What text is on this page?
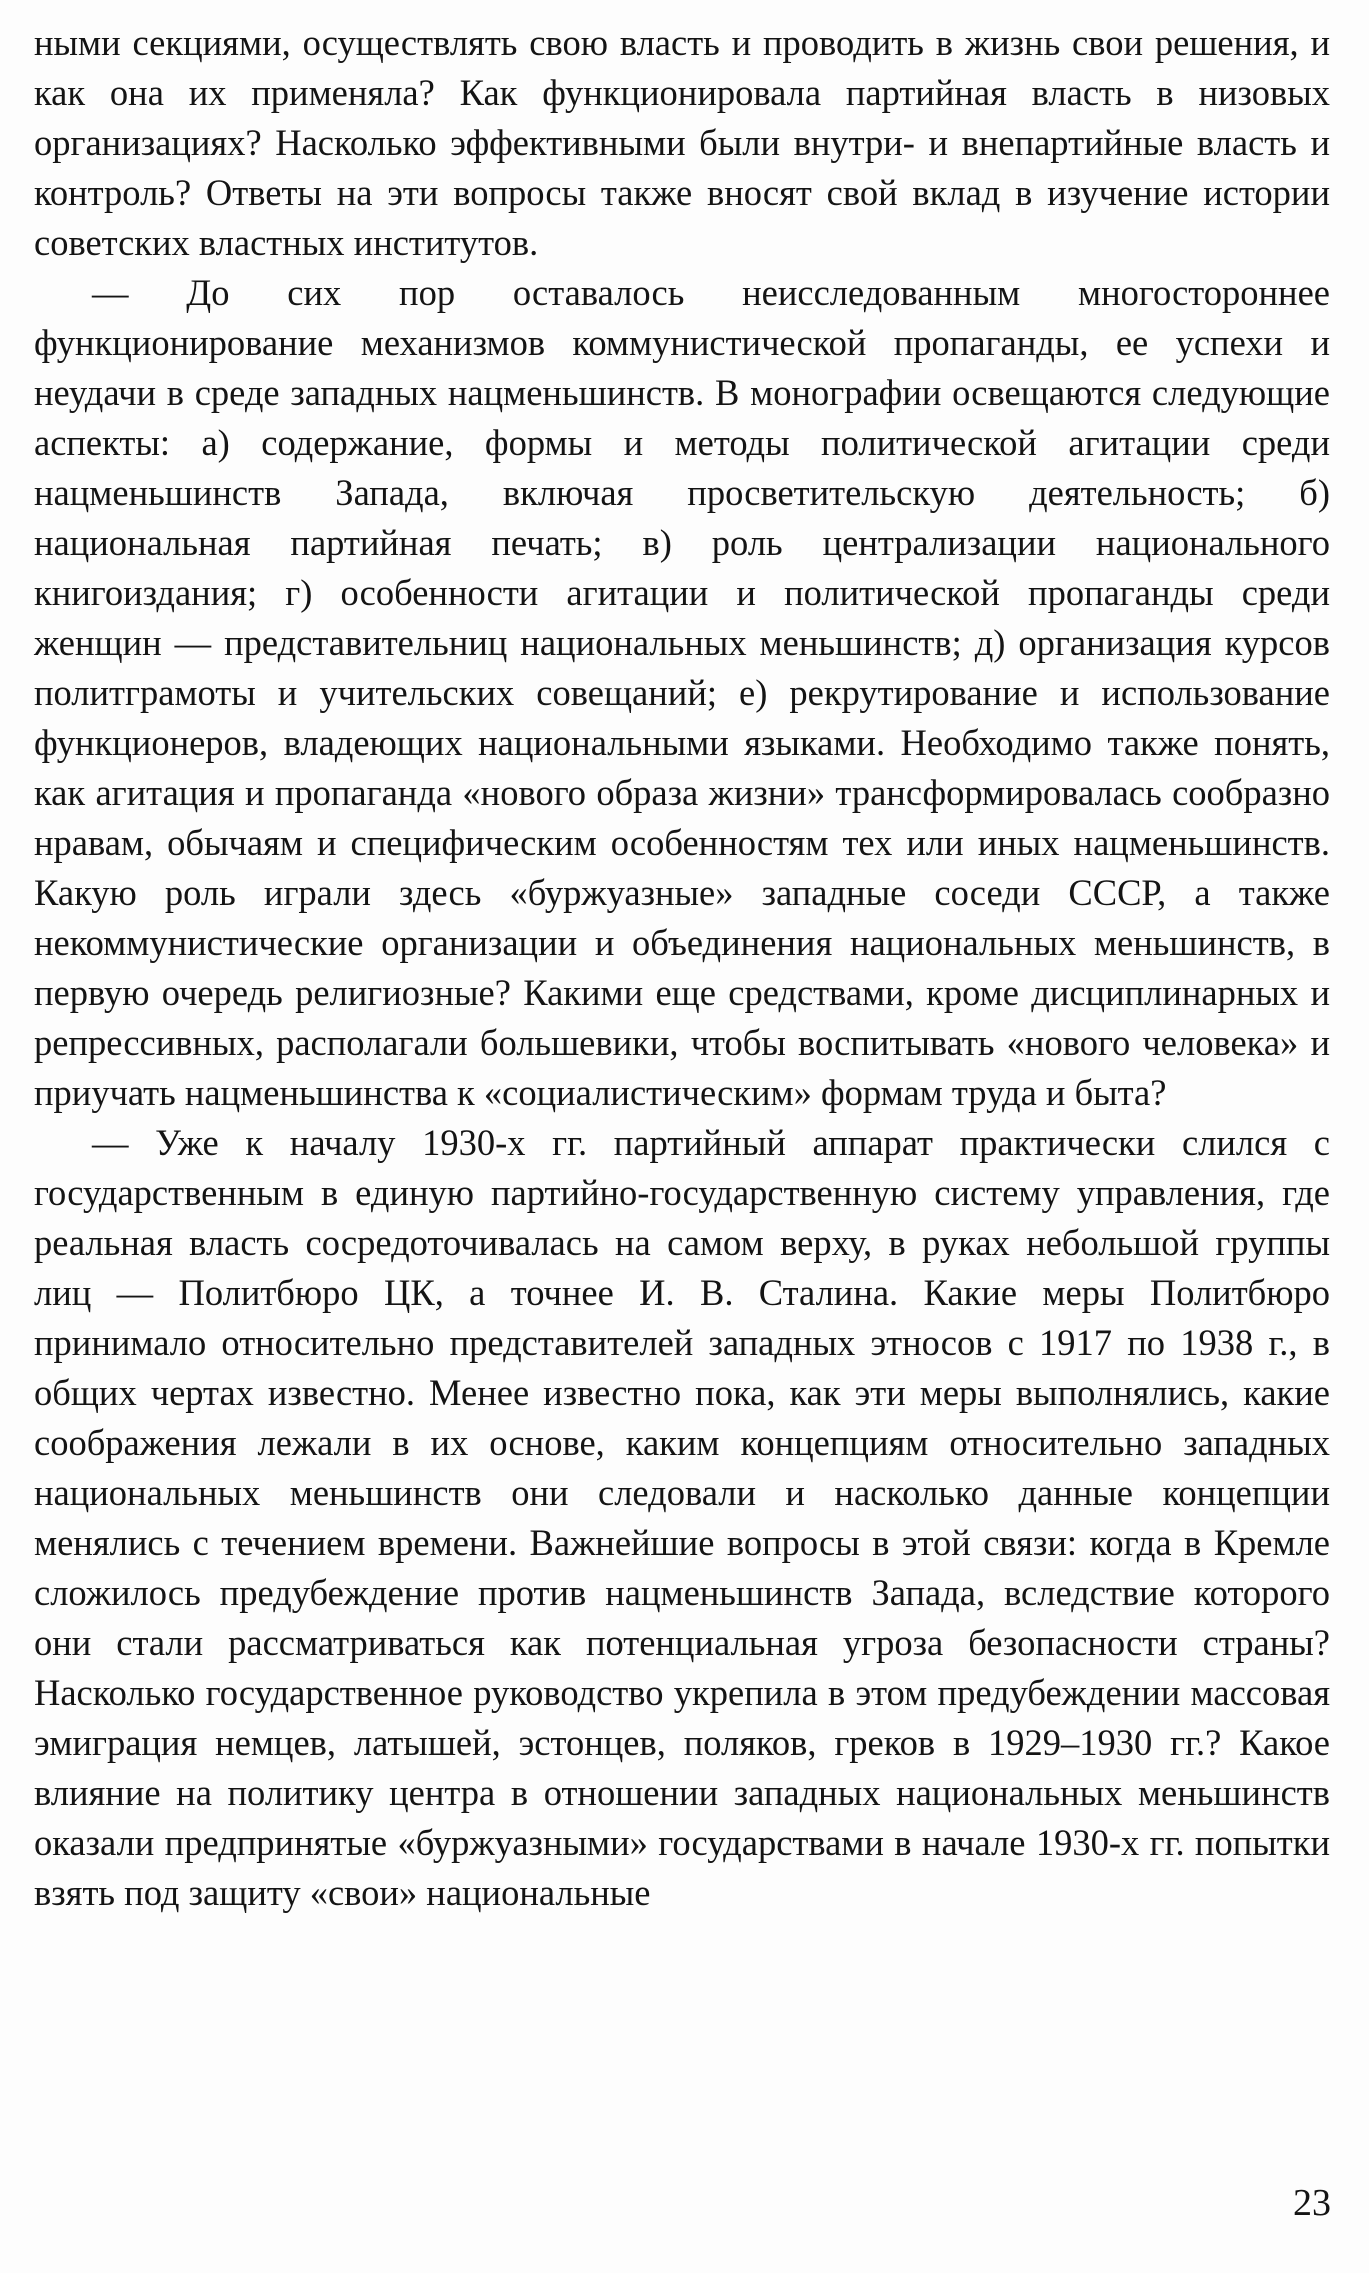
ными секциями, осуществлять свою власть и проводить в жизнь свои решения, и как она их применяла? Как функционировала партийная власть в низовых организациях? Насколько эффективными были внутри- и внепартийные власть и контроль? Ответы на эти вопросы также вносят свой вклад в изучение истории советских властных институтов.

— До сих пор оставалось неисследованным многостороннее функционирование механизмов коммунистической пропаганды, ее успехи и неудачи в среде западных нацменьшинств. В монографии освещаются следующие аспекты: а) содержание, формы и методы политической агитации среди нацменьшинств Запада, включая просветительскую деятельность; б) национальная партийная печать; в) роль централизации национального книгоиздания; г) особенности агитации и политической пропаганды среди женщин — представительниц национальных меньшинств; д) организация курсов политграмоты и учительских совещаний; е) рекрутирование и использование функционеров, владеющих национальными языками. Необходимо также понять, как агитация и пропаганда «нового образа жизни» трансформировалась сообразно нравам, обычаям и специфическим особенностям тех или иных нацменьшинств. Какую роль играли здесь «буржуазные» западные соседи СССР, а также некоммунистические организации и объединения национальных меньшинств, в первую очередь религиозные? Какими еще средствами, кроме дисциплинарных и репрессивных, располагали большевики, чтобы воспитывать «нового человека» и приучать нацменьшинства к «социалистическим» формам труда и быта?

— Уже к началу 1930-х гг. партийный аппарат практически слился с государственным в единую партийно-государственную систему управления, где реальная власть сосредоточивалась на самом верху, в руках небольшой группы лиц — Политбюро ЦК, а точнее И. В. Сталина. Какие меры Политбюро принимало относительно представителей западных этносов с 1917 по 1938 г., в общих чертах известно. Менее известно пока, как эти меры выполнялись, какие соображения лежали в их основе, каким концепциям относительно западных национальных меньшинств они следовали и насколько данные концепции менялись с течением времени. Важнейшие вопросы в этой связи: когда в Кремле сложилось предубеждение против нацменьшинств Запада, вследствие которого они стали рассматриваться как потенциальная угроза безопасности страны? Насколько государственное руководство укрепила в этом предубеждении массовая эмиграция немцев, латышей, эстонцев, поляков, греков в 1929–1930 гг.? Какое влияние на политику центра в отношении западных национальных меньшинств оказали предпринятые «буржуазными» государствами в начале 1930-х гг. попытки взять под защиту «свои» национальные

23
